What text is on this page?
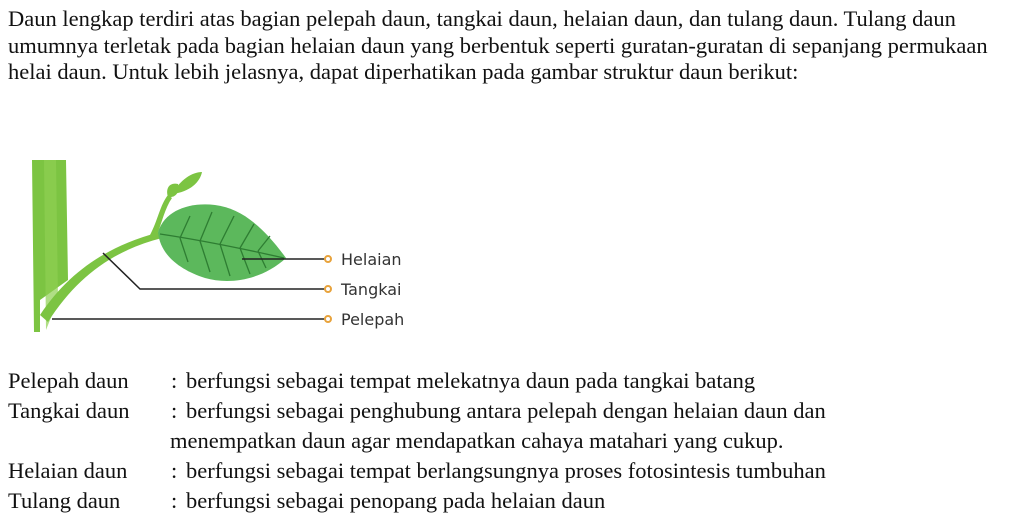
Daun lengkap terdiri atas bagian pelepah daun, tangkai daun, helaian daun, dan tulang daun. Tulang daun umumnya terletak pada bagian helaian daun yang berbentuk seperti guratan-guratan di sepanjang permukaan helai daun. Untuk lebih jelasnya, dapat diperhatikan pada gambar struktur daun berikut:

Helaian
Tangkai
Pelepah
Pelepah daun : berfungsi sebagai tempat melekatnya daun pada tangkai batang
Tangkai daun : berfungsi sebagai penghubung antara pelepah dengan helaian daun dan
menempatkan daun agar mendapatkan cahaya matahari yang cukup.
Helaian daun : berfungsi sebagai tempat berlangsungnya proses fotosintesis tumbuhan
Tulang daun : berfungsi sebagai penopang pada helaian daun
